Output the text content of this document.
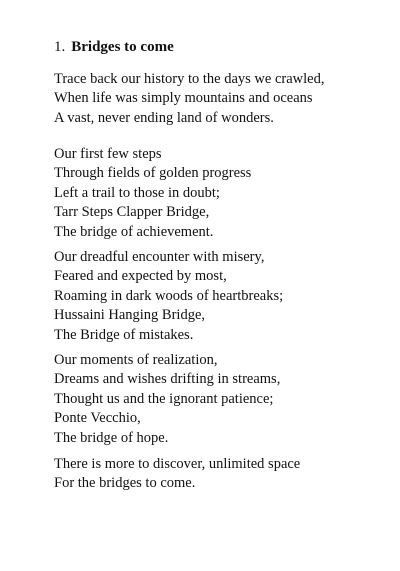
1. Bridges to come
Trace back our history to the days we crawled,
When life was simply mountains and oceans
A vast, never ending land of wonders.
Our first few steps
Through fields of golden progress
Left a trail to those in doubt;
Tarr Steps Clapper Bridge,
The bridge of achievement.
Our dreadful encounter with misery,
Feared and expected by most,
Roaming in dark woods of heartbreaks;
Hussaini Hanging Bridge,
The Bridge of mistakes.
Our moments of realization,
Dreams and wishes drifting in streams,
Thought us and the ignorant patience;
Ponte Vecchio,
The bridge of hope.
There is more to discover, unlimited space
For the bridges to come.
